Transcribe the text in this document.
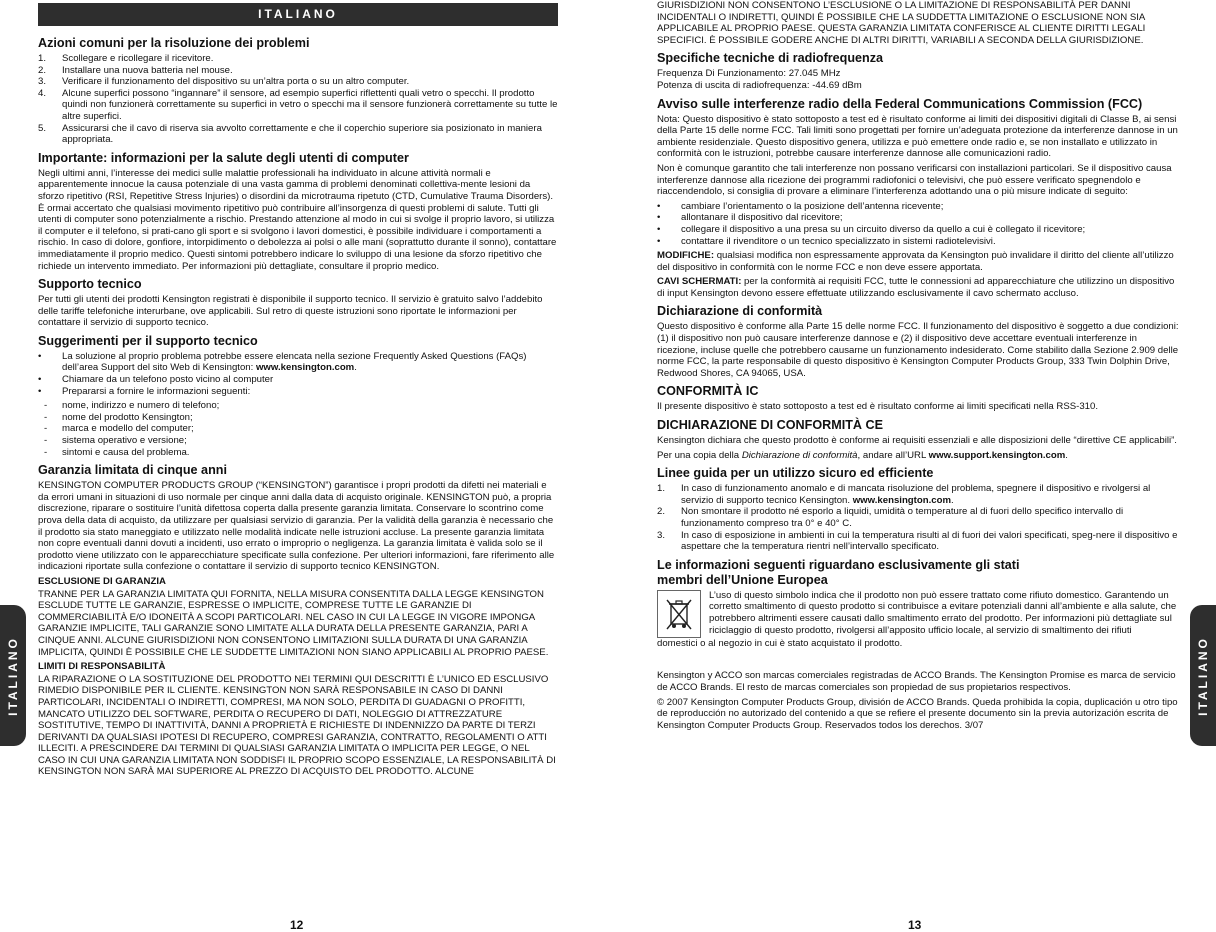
ITALIANO
Azioni comuni per la risoluzione dei problemi
1. Scollegare e ricollegare il ricevitore.
2. Installare una nuova batteria nel mouse.
3. Verificare il funzionamento del dispositivo su un’altra porta o su un altro computer.
4. Alcune superfici possono “ingannare” il sensore, ad esempio superfici riflettenti quali vetro o specchi. Il prodotto quindi non funzionerà correttamente su superfici in vetro o specchi ma il sensore funzionerà correttamente su tutte le altre superfici.
5. Assicurarsi che il cavo di riserva sia avvolto correttamente e che il coperchio superiore sia posizionato in maniera appropriata.
Importante: informazioni per la salute degli utenti di computer

Negli ultimi anni, l’interesse dei medici sulle malattie professionali ha individuato in alcune attività normali e apparentemente innocue la causa potenziale di una vasta gamma di problemi denominati collettiva-mente lesioni da sforzo ripetitivo (RSI, Repetitive Stress Injuries) o disordini da microtrauma ripetuto (CTD, Cumulative Trauma Disorders). È ormai accertato che qualsiasi movimento ripetitivo può contribuire all’insorgenza di questi problemi di salute. Tutti gli utenti di computer sono potenzialmente a rischio. Prestando attenzione al modo in cui si svolge il proprio lavoro, si utilizza il computer e il telefono, si prati-cano gli sport e si svolgono i lavori domestici, è possibile individuare i comportamenti a rischio. In caso di dolore, gonfiore, intorpidimento o debolezza ai polsi o alle mani (soprattutto durante il sonno), contattare immediatamente il proprio medico. Questi sintomi potrebbero indicare lo sviluppo di una lesione da sforzo ripetitivo che richiede un intervento immediato. Per informazioni più dettagliate, consultare il proprio medico.

Supporto tecnico

Per tutti gli utenti dei prodotti Kensington registrati è disponibile il supporto tecnico. Il servizio è gratuito salvo l’addebito delle tariffe telefoniche interurbane, ove applicabili. Sul retro di queste istruzioni sono riportate le informazioni per contattare il servizio di supporto tecnico.

Suggerimenti per il supporto tecnico
• La soluzione al proprio problema potrebbe essere elencata nella sezione Frequently Asked Questions (FAQs) dell’area Support del sito Web di Kensington: www.kensington.com.
• Chiamare da un telefono posto vicino al computer
• Prepararsi a fornire le informazioni seguenti:
- nome, indirizzo e numero di telefono;
- nome del prodotto Kensington;
- marca e modello del computer;
- sistema operativo e versione;
- sintomi e causa del problema.
Garanzia limitata di cinque anni

KENSINGTON COMPUTER PRODUCTS GROUP (“KENSINGTON”) garantisce i propri prodotti da difetti nei materiali e da errori umani in situazioni di uso normale per cinque anni dalla data di acquisto originale. KENSINGTON può, a propria discrezione, riparare o sostituire l’unità difettosa coperta dalla presente garanzia limitata. Conservare lo scontrino come prova della data di acquisto, da utilizzare per qualsiasi servizio di garanzia. Per la validità della garanzia è necessario che il prodotto sia stato maneggiato e utilizzato nelle modalità indicate nelle istruzioni accluse. La presente garanzia limitata non copre eventuali danni dovuti a incidenti, uso errato o improprio o negligenza. La garanzia limitata è valida solo se il prodotto viene utilizzato con le apparecchiature specificate sulla confezione. Per ulteriori informazioni, fare riferimento alle indicazioni riportate sulla confezione o contattare il servizio di supporto tecnico KENSINGTON.

ESCLUSIONE DI GARANZIA

TRANNE PER LA GARANZIA LIMITATA QUI FORNITA, NELLA MISURA CONSENTITA DALLA LEGGE KENSINGTON ESCLUDE TUTTE LE GARANZIE, ESPRESSE O IMPLICITE, COMPRESE TUTTE LE GARANZIE DI COMMERCIABILITÀ E/O IDONEITÀ A SCOPI PARTICOLARI. NEL CASO IN CUI LA LEGGE IN VIGORE IMPONGA GARANZIE IMPLICITE, TALI GARANZIE SONO LIMITATE ALLA DURATA DELLA PRESENTE GARANZIA, PARI A CINQUE ANNI. ALCUNE GIURISDIZIONI NON CONSENTONO LIMITAZIONI SULLA DURATA DI UNA GARANZIA IMPLICITA, QUINDI È POSSIBILE CHE LE SUDDETTE LIMITAZIONI NON SIANO APPLICABILI AL PROPRIO PAESE.

LIMITI DI RESPONSABILITÀ

LA RIPARAZIONE O LA SOSTITUZIONE DEL PRODOTTO NEI TERMINI QUI DESCRITTI È L’UNICO ED ESCLUSIVO RIMEDIO DISPONIBILE PER IL CLIENTE. KENSINGTON NON SARÀ RESPONSABILE IN CASO DI DANNI PARTICOLARI, INCIDENTALI O INDIRETTI, COMPRESI, MA NON SOLO, PERDITA DI GUADAGNI O PROFITTI, MANCATO UTILIZZO DEL SOFTWARE, PERDITA O RECUPERO DI DATI, NOLEGGIO DI ATTREZZATURE SOSTITUTIVE, TEMPO DI INATTIVITÀ, DANNI A PROPRIETÀ E RICHIESTE DI INDENNIZZO DA PARTE DI TERZI DERIVANTI DA QUALSIASI IPOTESI DI RECUPERO, COMPRESI GARANZIA, CONTRATTO, REGOLAMENTI O ATTI ILLECITI. A PRESCINDERE DAI TERMINI DI QUALSIASI GARANZIA LIMITATA O IMPLICITA PER LEGGE, O NEL CASO IN CUI UNA GARANZIA LIMITATA NON SODDISFI IL PROPRIO SCOPO ESSENZIALE, LA RESPONSABILITÀ DI KENSINGTON NON SARÀ MAI SUPERIORE AL PREZZO DI ACQUISTO DEL PRODOTTO. ALCUNE

GIURISDIZIONI NON CONSENTONO L’ESCLUSIONE O LA LIMITAZIONE DI RESPONSABILITÀ PER DANNI INCIDENTALI O INDIRETTI, QUINDI È POSSIBILE CHE LA SUDDETTA LIMITAZIONE O ESCLUSIONE NON SIA APPLICABILE AL PROPRIO PAESE. QUESTA GARANZIA LIMITATA CONFERISCE AL CLIENTE DIRITTI LEGALI SPECIFICI. È POSSIBILE GODERE ANCHE DI ALTRI DIRITTI, VARIABILI A SECONDA DELLA GIURISDIZIONE.

Specifiche tecniche di radiofrequenza
Frequenza Di Funzionamento: 27.045 MHz

Potenza di uscita di radiofrequenza: -44.69 dBm

Avviso sulle interferenze radio della Federal Communications Commission (FCC)

Nota: Questo dispositivo è stato sottoposto a test ed è risultato conforme ai limiti dei dispositivi digitali di Classe B, ai sensi della Parte 15 delle norme FCC. Tali limiti sono progettati per fornire un’adeguata protezione da interferenze dannose in un ambiente residenziale. Questo dispositivo genera, utilizza e può emettere onde radio e, se non installato e utilizzato in conformità con le istruzioni, potrebbe causare interferenze dannose alle comunicazioni radio.

Non è comunque garantito che tali interferenze non possano verificarsi con installazioni particolari. Se il dispositivo causa interferenze dannose alla ricezione dei programmi radiofonici o televisivi, che può essere verificato spegnendolo e riaccendendolo, si consiglia di provare a eliminare l’interferenza adottando una o più misure indicate di seguito:

• cambiare l’orientamento o la posizione dell’antenna ricevente;
• allontanare il dispositivo dal ricevitore;
• collegare il dispositivo a una presa su un circuito diverso da quello a cui è collegato il ricevitore;
• contattare il rivenditore o un tecnico specializzato in sistemi radiotelevisivi.

MODIFICHE: qualsiasi modifica non espressamente approvata da Kensington può invalidare il diritto del cliente all’utilizzo del dispositivo in conformità con le norme FCC e non deve essere apportata.

CAVI SCHERMATI: per la conformità ai requisiti FCC, tutte le connessioni ad apparecchiature che utilizzino un dispositivo di input Kensington devono essere effettuate utilizzando esclusivamente il cavo schermato accluso.

Dichiarazione di conformità

Questo dispositivo è conforme alla Parte 15 delle norme FCC. Il funzionamento del dispositivo è soggetto a due condizioni: (1) il dispositivo non può causare interferenze dannose e (2) il dispositivo deve accettare eventuali interferenze in ricezione, incluse quelle che potrebbero causarne un funzionamento indesiderato. Come stabilito dalla Sezione 2.909 delle norme FCC, la parte responsabile di questo dispositivo è Kensington Computer Products Group, 333 Twin Dolphin Drive, Redwood Shores, CA 94065, USA.

CONFORMITÀ IC

Il presente dispositivo è stato sottoposto a test ed è risultato conforme ai limiti specificati nella RSS-310.

DICHIARAZIONE DI CONFORMITÀ CE

Kensington dichiara che questo prodotto è conforme ai requisiti essenziali e alle disposizioni delle “direttive CE applicabili”.

Per una copia della Dichiarazione di conformità, andare all’URL www.support.kensington.com.

Linee guida per un utilizzo sicuro ed efficiente
1. In caso di funzionamento anomalo e di mancata risoluzione del problema, spegnere il dispositivo e rivolgersi al servizio di supporto tecnico Kensington. www.kensington.com.
2. Non smontare il prodotto né esporlo a liquidi, umidità o temperature al di fuori dello specifico intervallo di funzionamento compreso tra 0° e 40° C.
3. In caso di esposizione in ambienti in cui la temperatura risulti al di fuori dei valori specificati, speg-nere il dispositivo e aspettare che la temperatura rientri nell’intervallo specificato.
Le informazioni seguenti riguardano esclusivamente gli stati
membri dell’Unione Europea
L’uso di questo simbolo indica che il prodotto non può essere trattato come rifiuto domestico. Garantendo un corretto smaltimento di questo prodotto si contribuisce a evitare potenziali danni all’ambiente e alla salute, che potrebbero altrimenti essere causati dallo smaltimento errato del prodotto. Per informazioni più dettagliate sul riciclaggio di questo prodotto, rivolgersi all’apposito ufficio locale, al servizio di smaltimento dei rifiuti

domestici o al negozio in cui è stato acquistato il prodotto.

Kensington y ACCO son marcas comerciales registradas de ACCO Brands. The Kensington Promise es marca de servicio de ACCO Brands. El resto de marcas comerciales son propiedad de sus propietarios respectivos.

© 2007 Kensington Computer Products Group, división de ACCO Brands. Queda prohibida la copia, duplicación u otro tipo de reproducción no autorizado del contenido a que se refiere el presente documento sin la previa autorización escrita de Kensington Computer Products Group. Reservados todos los derechos. 3/07

ITALIANO	ITALIANO
12	13
